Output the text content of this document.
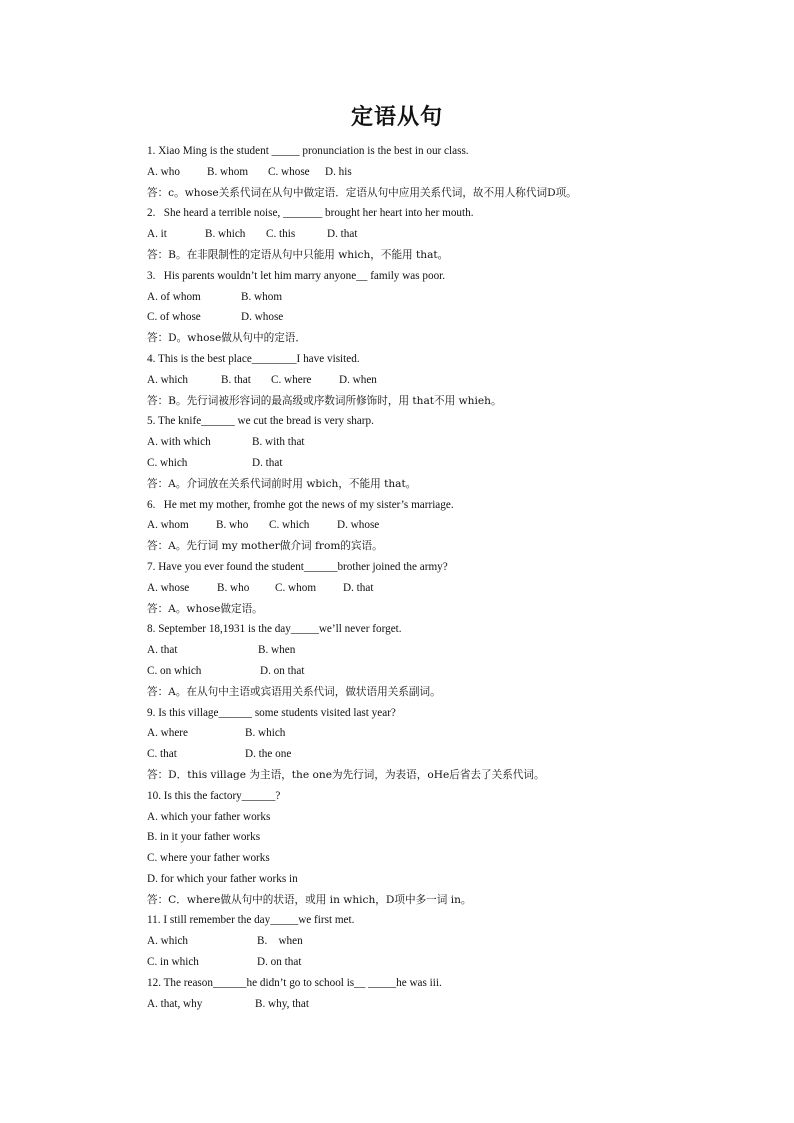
定语从句
1. Xiao Ming is the student _____ pronunciation is the best in our class.
A. who B. whom C. whose D. his
答：c。whose关系代词在从句中做定语．定语从句中应用关系代词，故不用人称代词D项。
2.   She heard a terrible noise, _______ brought her heart into her mouth.
A. it	B. which C. this	D. that
答：B。在非限制性的定语从句中只能用 which，不能用 that。
3.   His parents wouldn’t let him marry anyone__ family was poor.
A. of whom	B. whom
C. of whose	D. whose
答：D。whose做从句中的定语．
4. This is the best place________I have visited.
A. which	B. that C. where D. when
答：B。先行词被形容词的最高级或序数词所修饰时，用 that不用 whieh。
5. The knife______ we cut the bread is very sharp.
A. with which	B. with that
C. which	D. that
答：A。介词放在关系代词前时用 wbich，不能用 that。
6.   He met my mother, fromhe got the news of my sister’s marriage.
A. whom B. who C. which D. whose
答：A。先行词 my mother做介词 from的宾语。
7. Have you ever found the student______brother joined the army?
A. whose B. who C. whom D. that
答：A。whose做定语。
8. September 18,1931 is the day_____we’ll never forget.
A. that	B. when
C. on which	D. on that
答：A。在从句中主语或宾语用关系代词，做状语用关系副词。
9. Is this village______ some students visited last year?
A. where	B. which
C. that	D. the one
答：D．this village 为主语，the one为先行词，为表语，oHe后省去了关系代词。
10. Is this the factory______?
A. which your father works
B. in it your father works
C. where your father works
D. for which your father works in
答：C．where做从句中的状语，或用 in which，D项中多一词 in。
11. I still remember the day_____we first met.
A. which	B.    when
C. in which	D. on that
12. The reason______he didn’t go to school is__ _____he was iii.
A. that, why	B. why, that
